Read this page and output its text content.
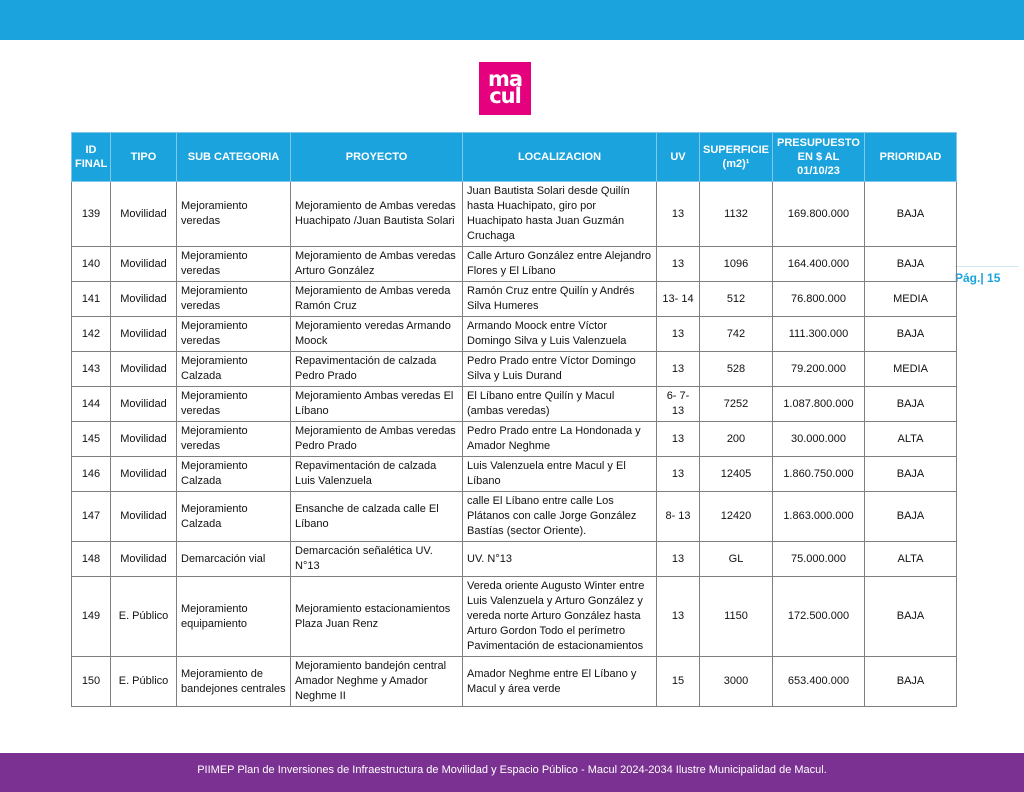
ma
cul
Pág.| 15
ID FINAL	TIPO	SUB CATEGORIA	PROYECTO	LOCALIZACION	UV	SUPERFICIE (m2)¹	PRESUPUESTO EN $ AL 01/10/23	PRIORIDAD
139	Movilidad	Mejoramiento veredas	Mejoramiento de Ambas veredas Huachipato /Juan Bautista Solari	Juan Bautista Solari desde Quilín hasta Huachipato, giro por Huachipato hasta Juan Guzmán Cruchaga	13	1132	169.800.000	BAJA
140	Movilidad	Mejoramiento veredas	Mejoramiento de Ambas veredas Arturo González	Calle Arturo González entre Alejandro Flores y El Líbano	13	1096	164.400.000	BAJA
141	Movilidad	Mejoramiento veredas	Mejoramiento de Ambas vereda Ramón Cruz	Ramón Cruz entre Quilín y Andrés Silva Humeres	13- 14	512	76.800.000	MEDIA
142	Movilidad	Mejoramiento veredas	Mejoramiento veredas Armando Moock	Armando Moock entre Víctor Domingo Silva y Luis Valenzuela	13	742	111.300.000	BAJA
143	Movilidad	Mejoramiento Calzada	Repavimentación de calzada Pedro Prado	Pedro Prado entre Víctor Domingo Silva y Luis Durand	13	528	79.200.000	MEDIA
144	Movilidad	Mejoramiento veredas	Mejoramiento Ambas veredas El Líbano	El Líbano entre Quilín y Macul (ambas veredas)	6- 7- 13	7252	1.087.800.000	BAJA
145	Movilidad	Mejoramiento veredas	Mejoramiento de Ambas veredas Pedro Prado	Pedro Prado entre La Hondonada y Amador Neghme	13	200	30.000.000	ALTA
146	Movilidad	Mejoramiento Calzada	Repavimentación de calzada Luis Valenzuela	Luis Valenzuela entre Macul y El Líbano	13	12405	1.860.750.000	BAJA
147	Movilidad	Mejoramiento Calzada	Ensanche de calzada calle El Líbano	calle El Líbano entre calle Los Plátanos con calle Jorge González Bastías (sector Oriente).	8- 13	12420	1.863.000.000	BAJA
148	Movilidad	Demarcación vial	Demarcación señalética UV. N°13	UV. N°13	13	GL	75.000.000	ALTA
149	E. Público	Mejoramiento equipamiento	Mejoramiento estacionamientos Plaza Juan Renz	Vereda oriente Augusto Winter entre Luis Valenzuela y Arturo González y vereda norte Arturo González hasta Arturo Gordon Todo el perímetro Pavimentación de estacionamientos	13	1150	172.500.000	BAJA
150	E. Público	Mejoramiento de bandejones centrales	Mejoramiento bandejón central Amador Neghme y Amador Neghme II	Amador Neghme entre El Líbano y Macul y área verde	15	3000	653.400.000	BAJA
PIIMEP Plan de Inversiones de Infraestructura de Movilidad y Espacio Público - Macul 2024-2034 Ilustre Municipalidad de Macul.
